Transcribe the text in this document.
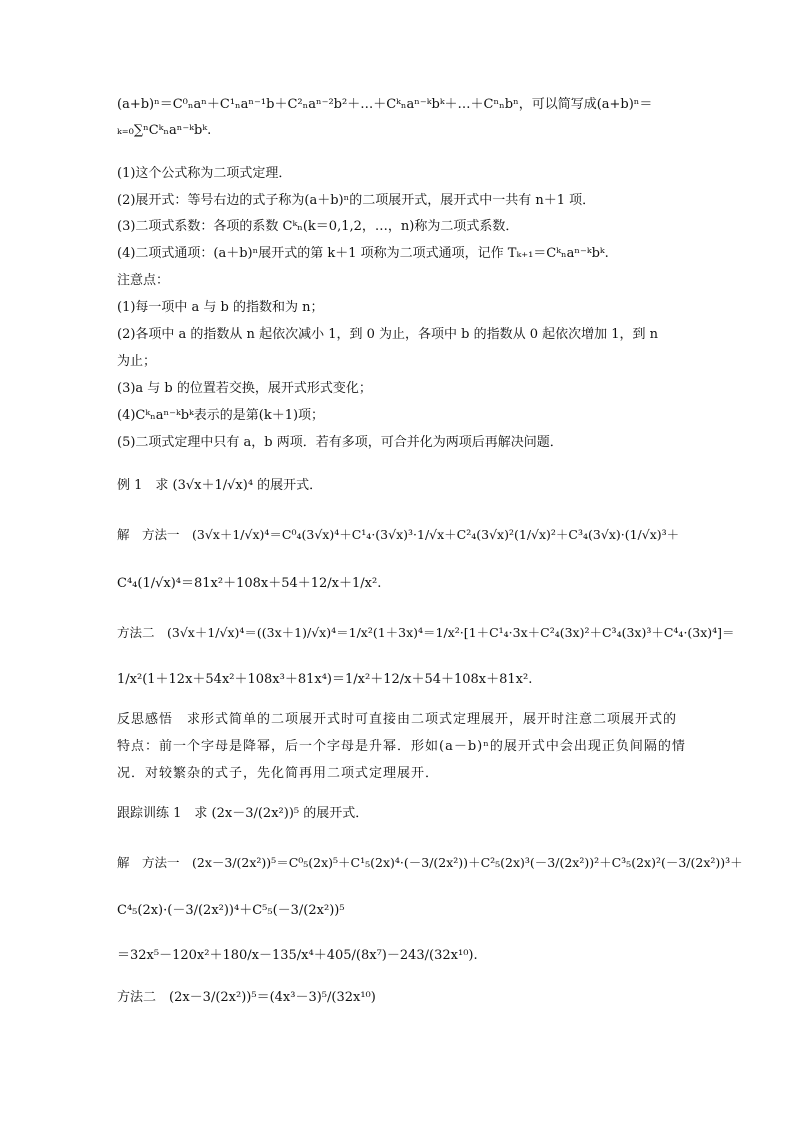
(a+b)ⁿ＝C⁰ₙaⁿ＋C¹ₙaⁿ⁻¹b＋C²ₙaⁿ⁻²b²＋…＋Cᵏₙaⁿ⁻ᵏbᵏ＋…＋Cⁿₙbⁿ，可以简写成(a+b)ⁿ＝
ₖ₌₀∑ⁿCᵏₙaⁿ⁻ᵏbᵏ.
(1)这个公式称为二项式定理．
(2)展开式：等号右边的式子称为(a＋b)ⁿ的二项展开式，展开式中一共有 n＋1 项．
(3)二项式系数：各项的系数 Cᵏₙ(k＝0,1,2，…，n)称为二项式系数．
(4)二项式通项：(a＋b)ⁿ展开式的第 k＋1 项称为二项式通项，记作 Tₖ₊₁＝Cᵏₙaⁿ⁻ᵏbᵏ.
注意点：
(1)每一项中 a 与 b 的指数和为 n；
(2)各项中 a 的指数从 n 起依次减小 1，到 0 为止，各项中 b 的指数从 0 起依次增加 1，到 n
为止；
(3)a 与 b 的位置若交换，展开式形式变化；
(4)Cᵏₙaⁿ⁻ᵏbᵏ表示的是第(k＋1)项；
(5)二项式定理中只有 a，b 两项．若有多项，可合并化为两项后再解决问题．
例 1　求 (3√x＋1/√x)⁴ 的展开式．
解　方法一　(3√x＋1/√x)⁴＝C⁰₄(3√x)⁴＋C¹₄·(3√x)³·1/√x＋C²₄(3√x)²(1/√x)²＋C³₄(3√x)·(1/√x)³＋
C⁴₄(1/√x)⁴＝81x²＋108x＋54＋12/x＋1/x².
方法二　(3√x＋1/√x)⁴＝((3x＋1)/√x)⁴＝1/x²(1＋3x)⁴＝1/x²·[1＋C¹₄·3x＋C²₄(3x)²＋C³₄(3x)³＋C⁴₄·(3x)⁴]＝
1/x²(1＋12x＋54x²＋108x³＋81x⁴)＝1/x²＋12/x＋54＋108x＋81x².
反思感悟　求形式简单的二项展开式时可直接由二项式定理展开，展开时注意二项展开式的
特点：前一个字母是降幂，后一个字母是升幂．形如(a－b)ⁿ的展开式中会出现正负间隔的情
况．对较繁杂的式子，先化简再用二项式定理展开．
跟踪训练 1　求 (2x－3/(2x²))⁵ 的展开式．
解　方法一　(2x－3/(2x²))⁵＝C⁰₅(2x)⁵＋C¹₅(2x)⁴·(－3/(2x²))＋C²₅(2x)³(－3/(2x²))²＋C³₅(2x)²(－3/(2x²))³＋
C⁴₅(2x)·(－3/(2x²))⁴＋C⁵₅(－3/(2x²))⁵
＝32x⁵－120x²＋180/x－135/x⁴＋405/(8x⁷)－243/(32x¹⁰).
方法二　(2x－3/(2x²))⁵＝(4x³－3)⁵/(32x¹⁰)
